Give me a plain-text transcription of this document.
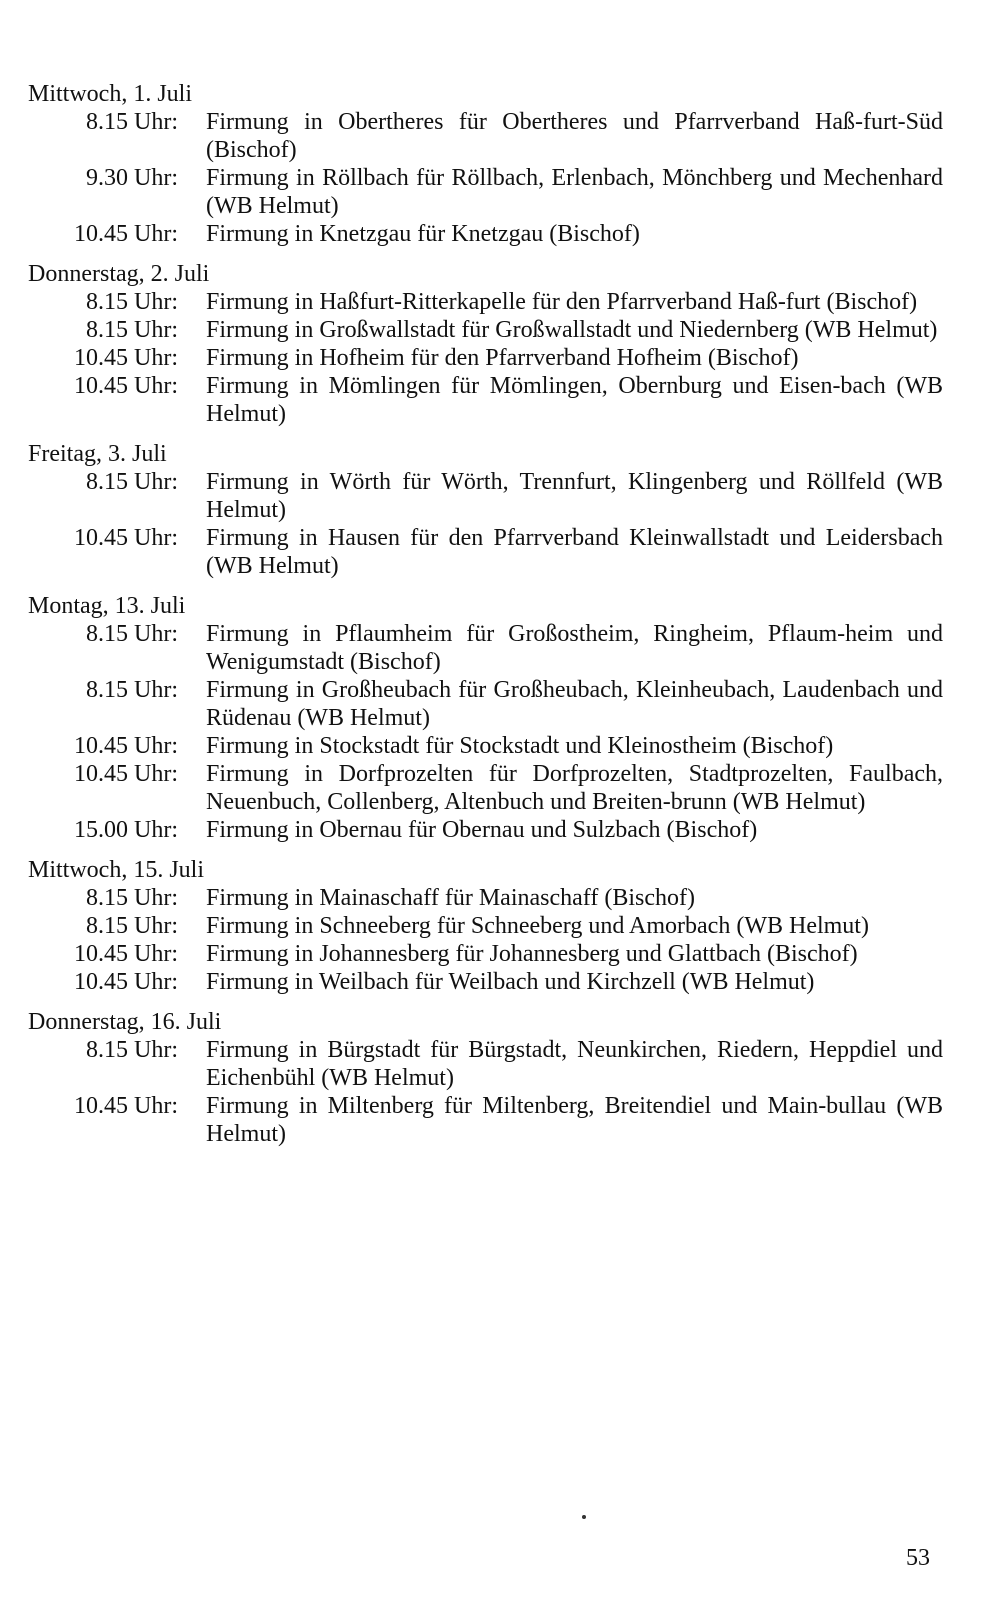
Mittwoch, 1. Juli
8.15 Uhr:	Firmung in Obertheres für Obertheres und Pfarrverband Haß-furt-Süd (Bischof)
9.30 Uhr:	Firmung in Röllbach für Röllbach, Erlenbach, Mönchberg und Mechenhard (WB Helmut)
10.45 Uhr:	Firmung in Knetzgau für Knetzgau (Bischof)
Donnerstag, 2. Juli
8.15 Uhr:	Firmung in Haßfurt-Ritterkapelle für den Pfarrverband Haß-furt (Bischof)
8.15 Uhr:	Firmung in Großwallstadt für Großwallstadt und Niedernberg (WB Helmut)
10.45 Uhr:	Firmung in Hofheim für den Pfarrverband Hofheim (Bischof)
10.45 Uhr:	Firmung in Mömlingen für Mömlingen, Obernburg und Eisen-bach (WB Helmut)
Freitag, 3. Juli
8.15 Uhr:	Firmung in Wörth für Wörth, Trennfurt, Klingenberg und Röllfeld (WB Helmut)
10.45 Uhr:	Firmung in Hausen für den Pfarrverband Kleinwallstadt und Leidersbach (WB Helmut)
Montag, 13. Juli
8.15 Uhr:	Firmung in Pflaumheim für Großostheim, Ringheim, Pflaum-heim und Wenigumstadt (Bischof)
8.15 Uhr:	Firmung in Großheubach für Großheubach, Kleinheubach, Laudenbach und Rüdenau (WB Helmut)
10.45 Uhr:	Firmung in Stockstadt für Stockstadt und Kleinostheim (Bischof)
10.45 Uhr:	Firmung in Dorfprozelten für Dorfprozelten, Stadtprozelten, Faulbach, Neuenbuch, Collenberg, Altenbuch und Breiten-brunn (WB Helmut)
15.00 Uhr:	Firmung in Obernau für Obernau und Sulzbach (Bischof)
Mittwoch, 15. Juli
8.15 Uhr:	Firmung in Mainaschaff für Mainaschaff (Bischof)
8.15 Uhr:	Firmung in Schneeberg für Schneeberg und Amorbach (WB Helmut)
10.45 Uhr:	Firmung in Johannesberg für Johannesberg und Glattbach (Bischof)
10.45 Uhr:	Firmung in Weilbach für Weilbach und Kirchzell (WB Helmut)
Donnerstag, 16. Juli
8.15 Uhr:	Firmung in Bürgstadt für Bürgstadt, Neunkirchen, Riedern, Heppdiel und Eichenbühl (WB Helmut)
10.45 Uhr:	Firmung in Miltenberg für Miltenberg, Breitendiel und Main-bullau (WB Helmut)
53
